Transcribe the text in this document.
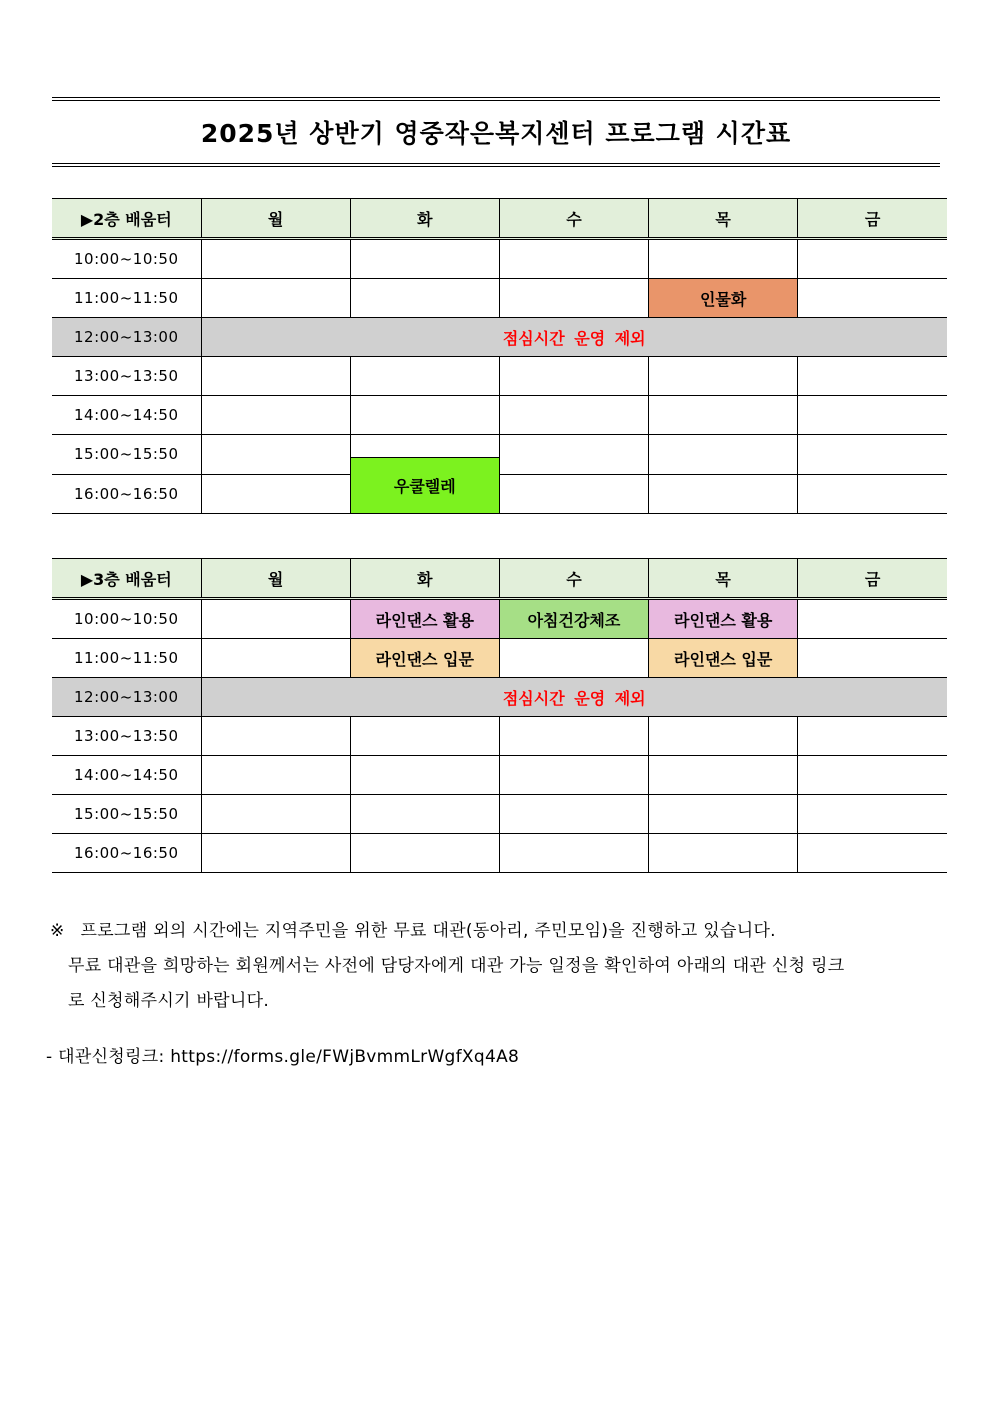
2025년 상반기 영중작은복지센터 프로그램 시간표
▶2층 배움터	월	화	수	목	금
10:00~10:50					
11:00~11:50				인물화	
12:00~13:00	점심시간 운영 제외				
13:00~13:50					
14:00~14:50					
15:00~15:50		

16:00~16:50		우쿨렐레			
▶3층 배움터	월	화	수	목	금
10:00~10:50		라인댄스 활용	아침건강체조	라인댄스 활용	
11:00~11:50		라인댄스 입문		라인댄스 입문	
12:00~13:00	점심시간 운영 제외				
13:00~13:50					
14:00~14:50					
15:00~15:50					
16:00~16:50					
※ 프로그램 외의 시간에는 지역주민을 위한 무료 대관(동아리, 주민모임)을 진행하고 있습니다.
무료 대관을 희망하는 회원께서는 사전에 담당자에게 대관 가능 일정을 확인하여 아래의 대관 신청 링크
로 신청해주시기 바랍니다.
- 대관신청링크: https://forms.gle/FWjBvmmLrWgfXq4A8
